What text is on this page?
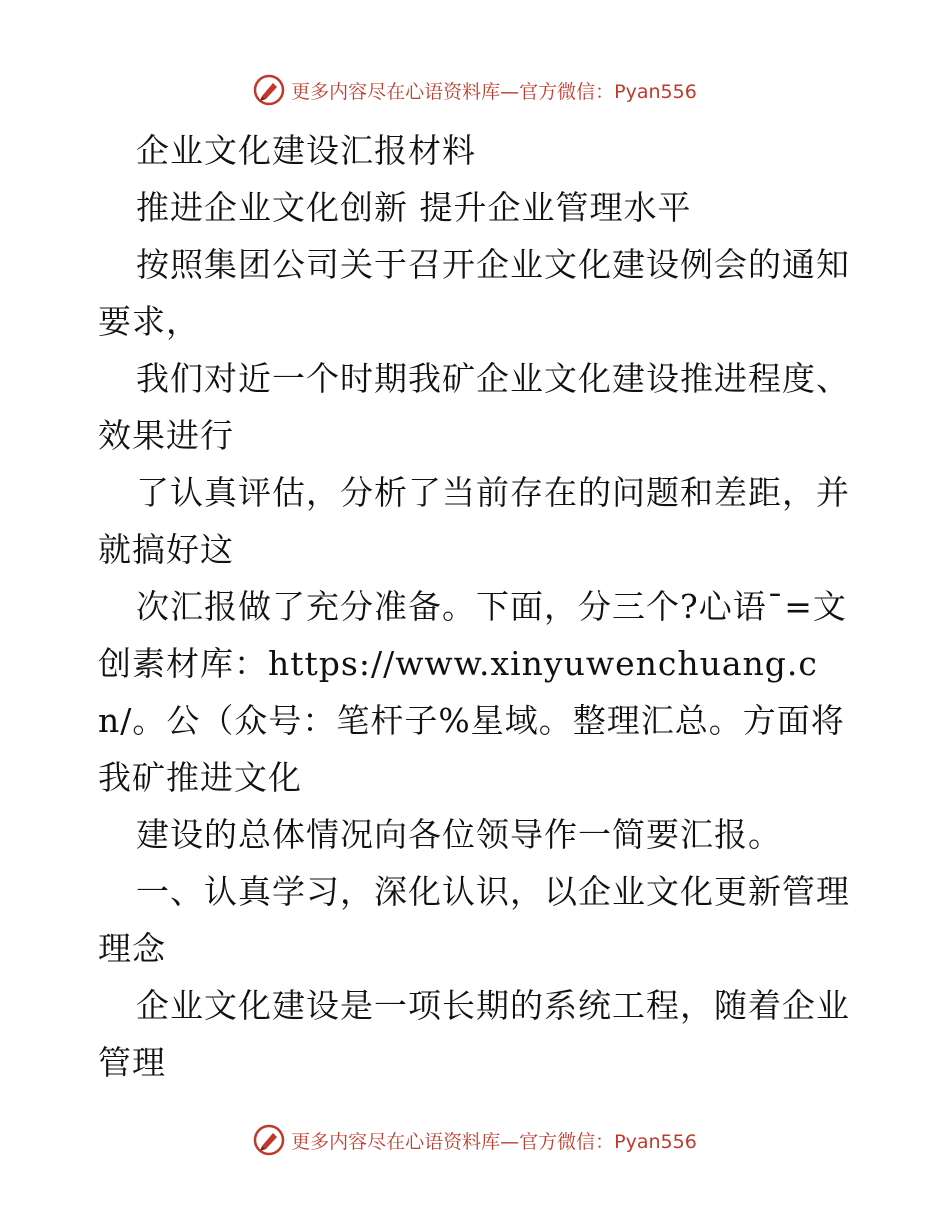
更多内容尽在心语资料库— 官方微信：Pyan556

企业文化建设汇报材料

推进企业文化创新 提升企业管理水平

按照集团公司关于召开企业文化建设例会的通知要求，

我们对近一个时期我矿企业文化建设推进程度、效果进行

了认真评估，分析了当前存在的问题和差距，并就搞好这

次汇报做了充分准备。下面，分三个?心语¯=文创素材库：https://www.xinyuwenchuang.cn/。公（众号：笔杆子%星域。整理汇总。方面将我矿推进文化

建设的总体情况向各位领导作一简要汇报。

一、认真学习，深化认识，以企业文化更新管理理念

企业文化建设是一项长期的系统工程，随着企业管理

更多内容尽在心语资料库— 官方微信：Pyan556
